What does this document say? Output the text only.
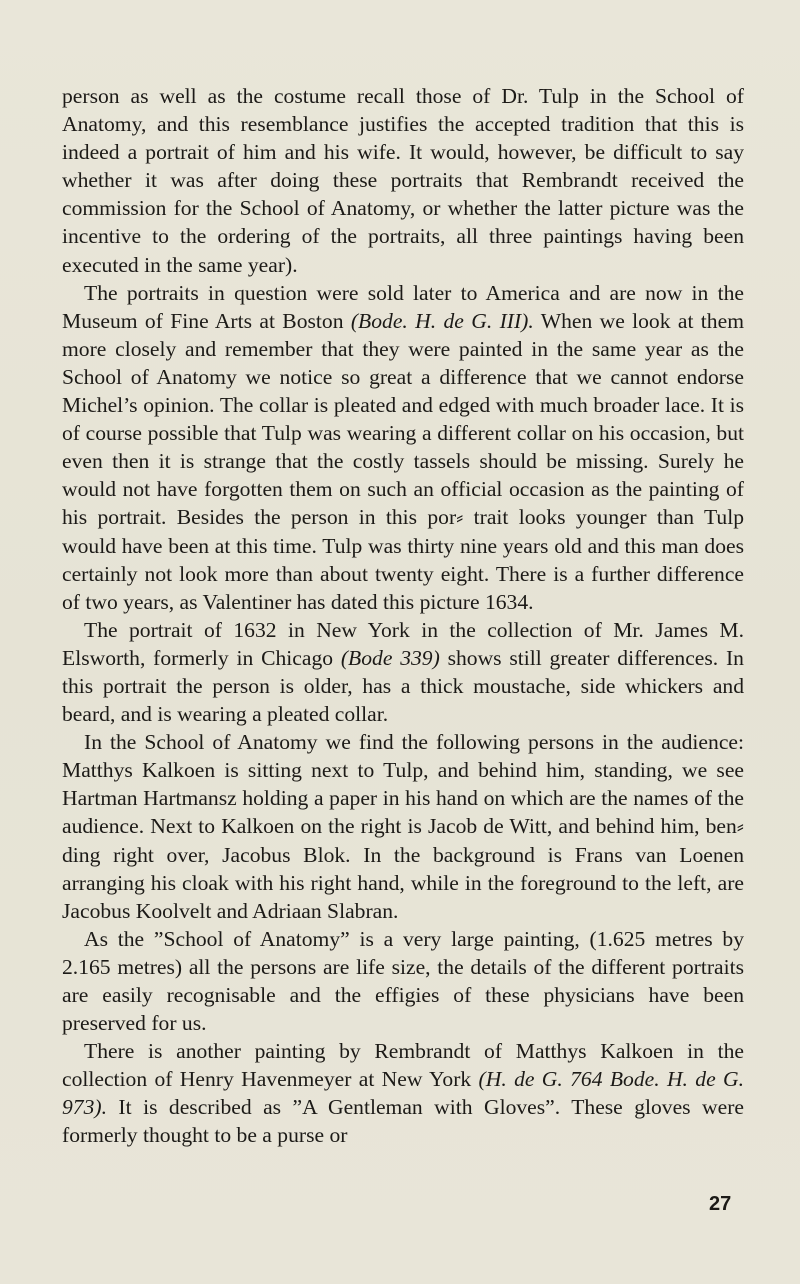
person as well as the costume recall those of Dr. Tulp in the School of Anatomy, and this resemblance justifies the accepted tradition that this is indeed a portrait of him and his wife. It would, however, be difficult to say whether it was after doing these portraits that Rembrandt received the commission for the School of Anatomy, or whether the latter picture was the incentive to the ordering of the portraits, all three paintings having been executed in the same year).

The portraits in question were sold later to America and are now in the Museum of Fine Arts at Boston (Bode. H. de G. III). When we look at them more closely and remember that they were painted in the same year as the School of Anatomy we notice so great a difference that we cannot endorse Michel’s opinion. The collar is pleated and edged with much broader lace. It is of course possible that Tulp was wearing a different collar on his occasion, but even then it is strange that the costly tassels should be missing. Surely he would not have forgotten them on such an official occasion as the painting of his portrait. Besides the person in this por⸗ trait looks younger than Tulp would have been at this time. Tulp was thirty nine years old and this man does certainly not look more than about twenty eight. There is a further difference of two years, as Valentiner has dated this picture 1634.

The portrait of 1632 in New York in the collection of Mr. James M. Elsworth, formerly in Chicago (Bode 339) shows still greater differences. In this portrait the person is older, has a thick moustache, side whickers and beard, and is wearing a pleated collar.

In the School of Anatomy we find the following persons in the audience: Matthys Kalkoen is sitting next to Tulp, and behind him, standing, we see Hartman Hartmansz holding a paper in his hand on which are the names of the audience. Next to Kalkoen on the right is Jacob de Witt, and behind him, ben⸗ ding right over, Jacobus Blok. In the background is Frans van Loenen arranging his cloak with his right hand, while in the foreground to the left, are Jacobus Koolvelt and Adriaan Slabran.

As the ”School of Anatomy” is a very large painting, (1.625 metres by 2.165 metres) all the persons are life size, the details of the different portraits are easily recognisable and the effigies of these physicians have been preserved for us.

There is another painting by Rembrandt of Matthys Kalkoen in the collection of Henry Havenmeyer at New York (H. de G. 764 Bode. H. de G. 973). It is described as ”A Gentleman with Gloves”. These gloves were formerly thought to be a purse or

27
